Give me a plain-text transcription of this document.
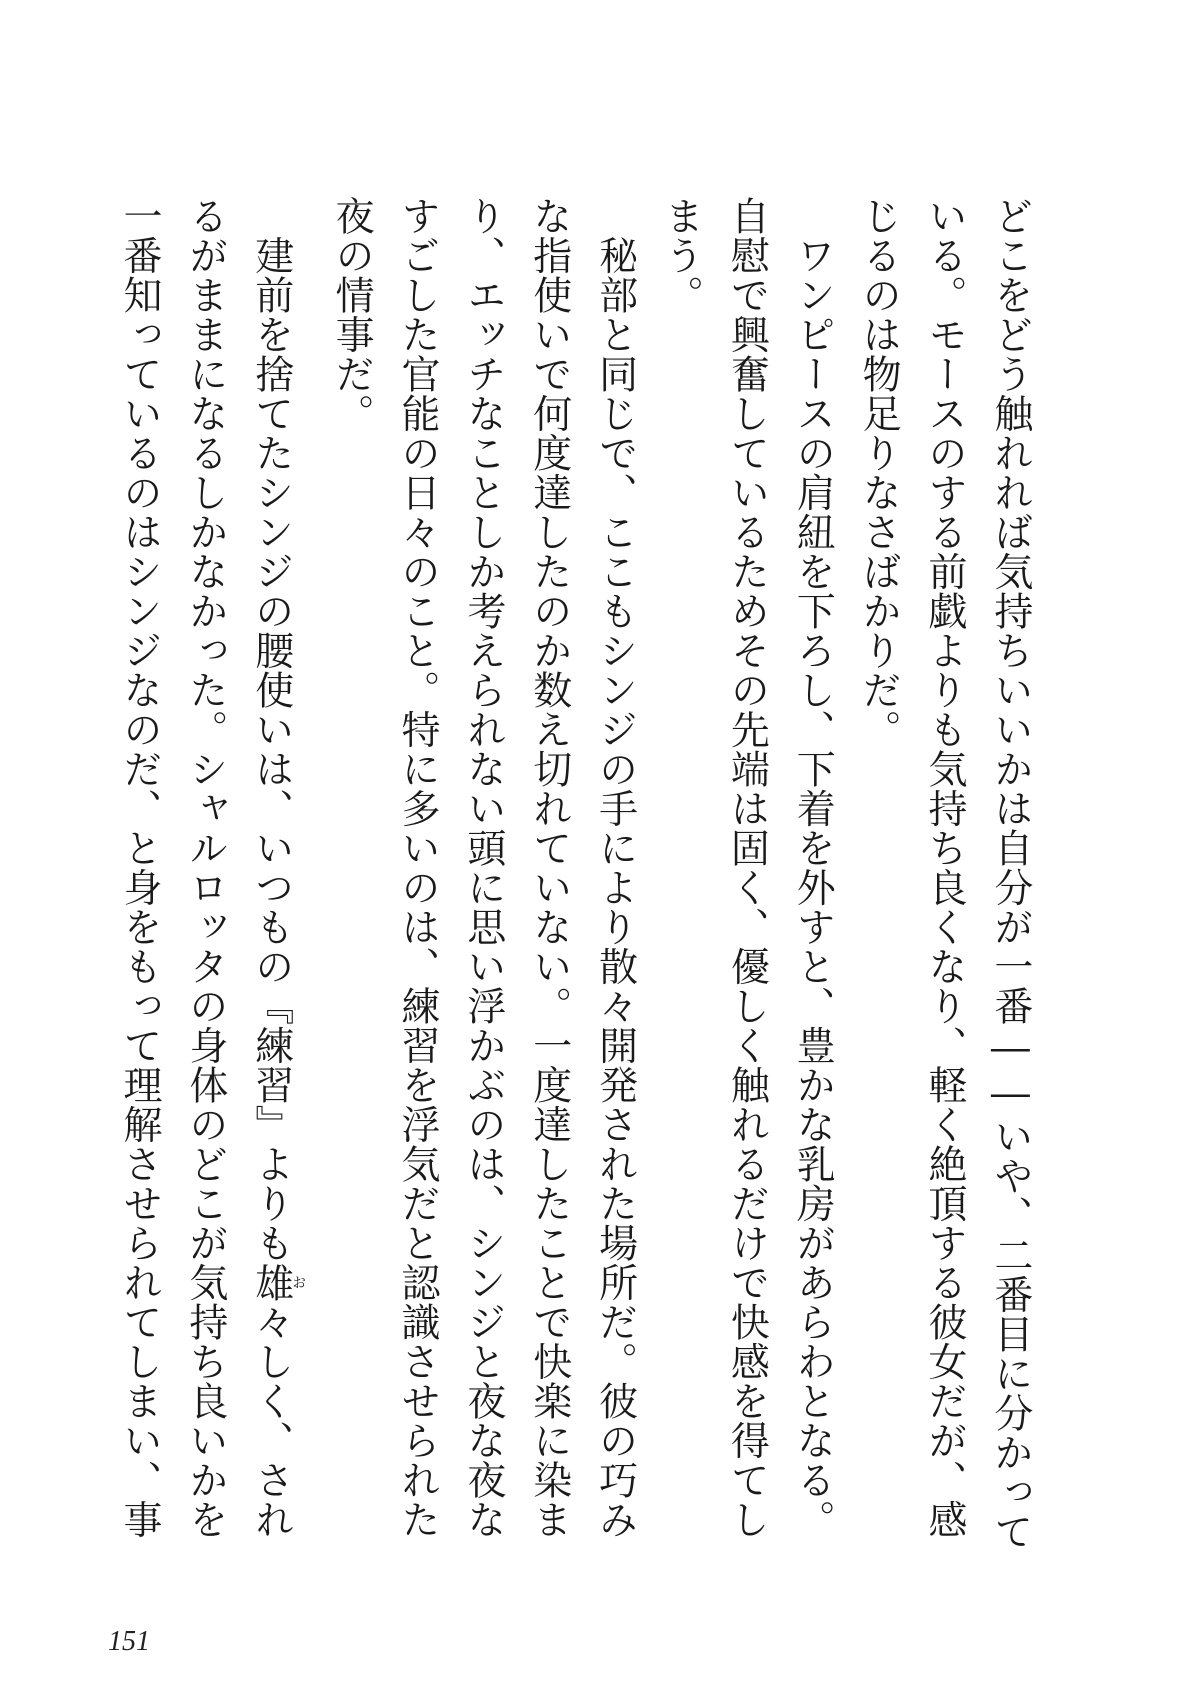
どこをどう触れれば気持ちいいかは自分が一番――いや、二番目に分かって

いる。モースのする前戯よりも気持ち良くなり、軽く絶頂する彼女だが、感

じるのは物足りなさばかりだ。

　ワンピースの肩紐を下ろし、下着を外すと、豊かな乳房があらわとなる。

自慰で興奮しているためその先端は固く、優しく触れるだけで快感を得てし

まう。

　秘部と同じで、ここもシンジの手により散々開発された場所だ。彼の巧み

な指使いで何度達したのか数え切れていない。一度達したことで快楽に染ま

り、エッチなことしか考えられない頭に思い浮かぶのは、シンジと夜な夜な

すごした官能の日々のこと。特に多いのは、練習を浮気だと認識させられた

夜の情事だ。

　建前を捨てたシンジの腰使いは、いつもの『練習』よりも雄お々しく、され

るがままになるしかなかった。シャルロッタの身体のどこが気持ち良いかを

一番知っているのはシンジなのだ、と身をもって理解させられてしまい、事

151
